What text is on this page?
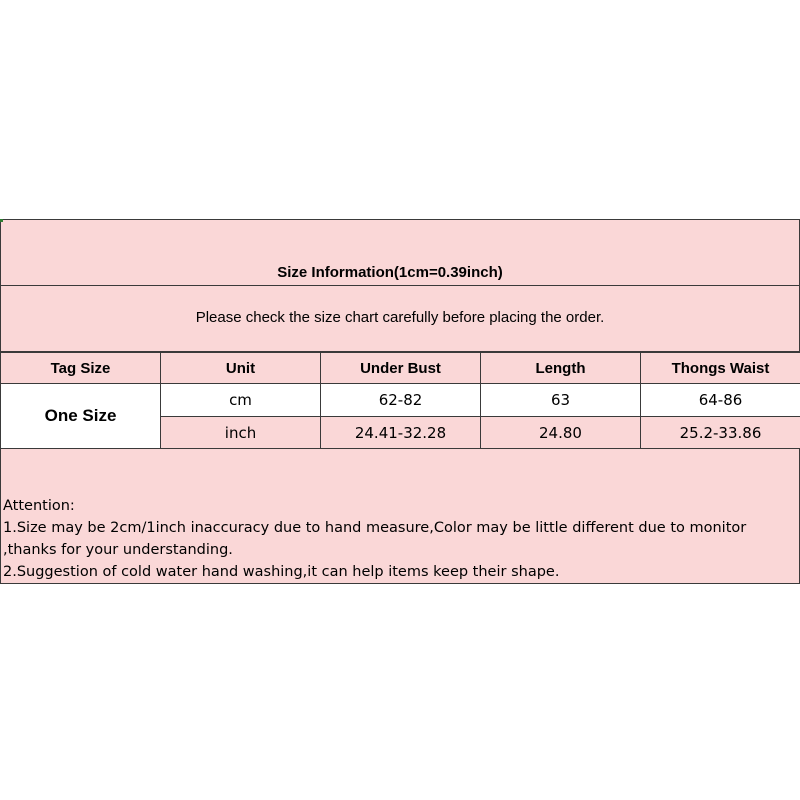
Size Information(1cm=0.39inch)
Please check the size chart carefully before placing the order.
Tag Size	Unit	Under Bust	Length	Thongs Waist
One Size	cm	62-82	63	64-86
	inch	24.41-32.28	24.80	25.2-33.86
Attention:
1.Size may be 2cm/1inch inaccuracy due to hand measure,Color may be little different due to monitor
,thanks for your understanding.
2.Suggestion of cold water hand washing,it can help items keep their shape.
